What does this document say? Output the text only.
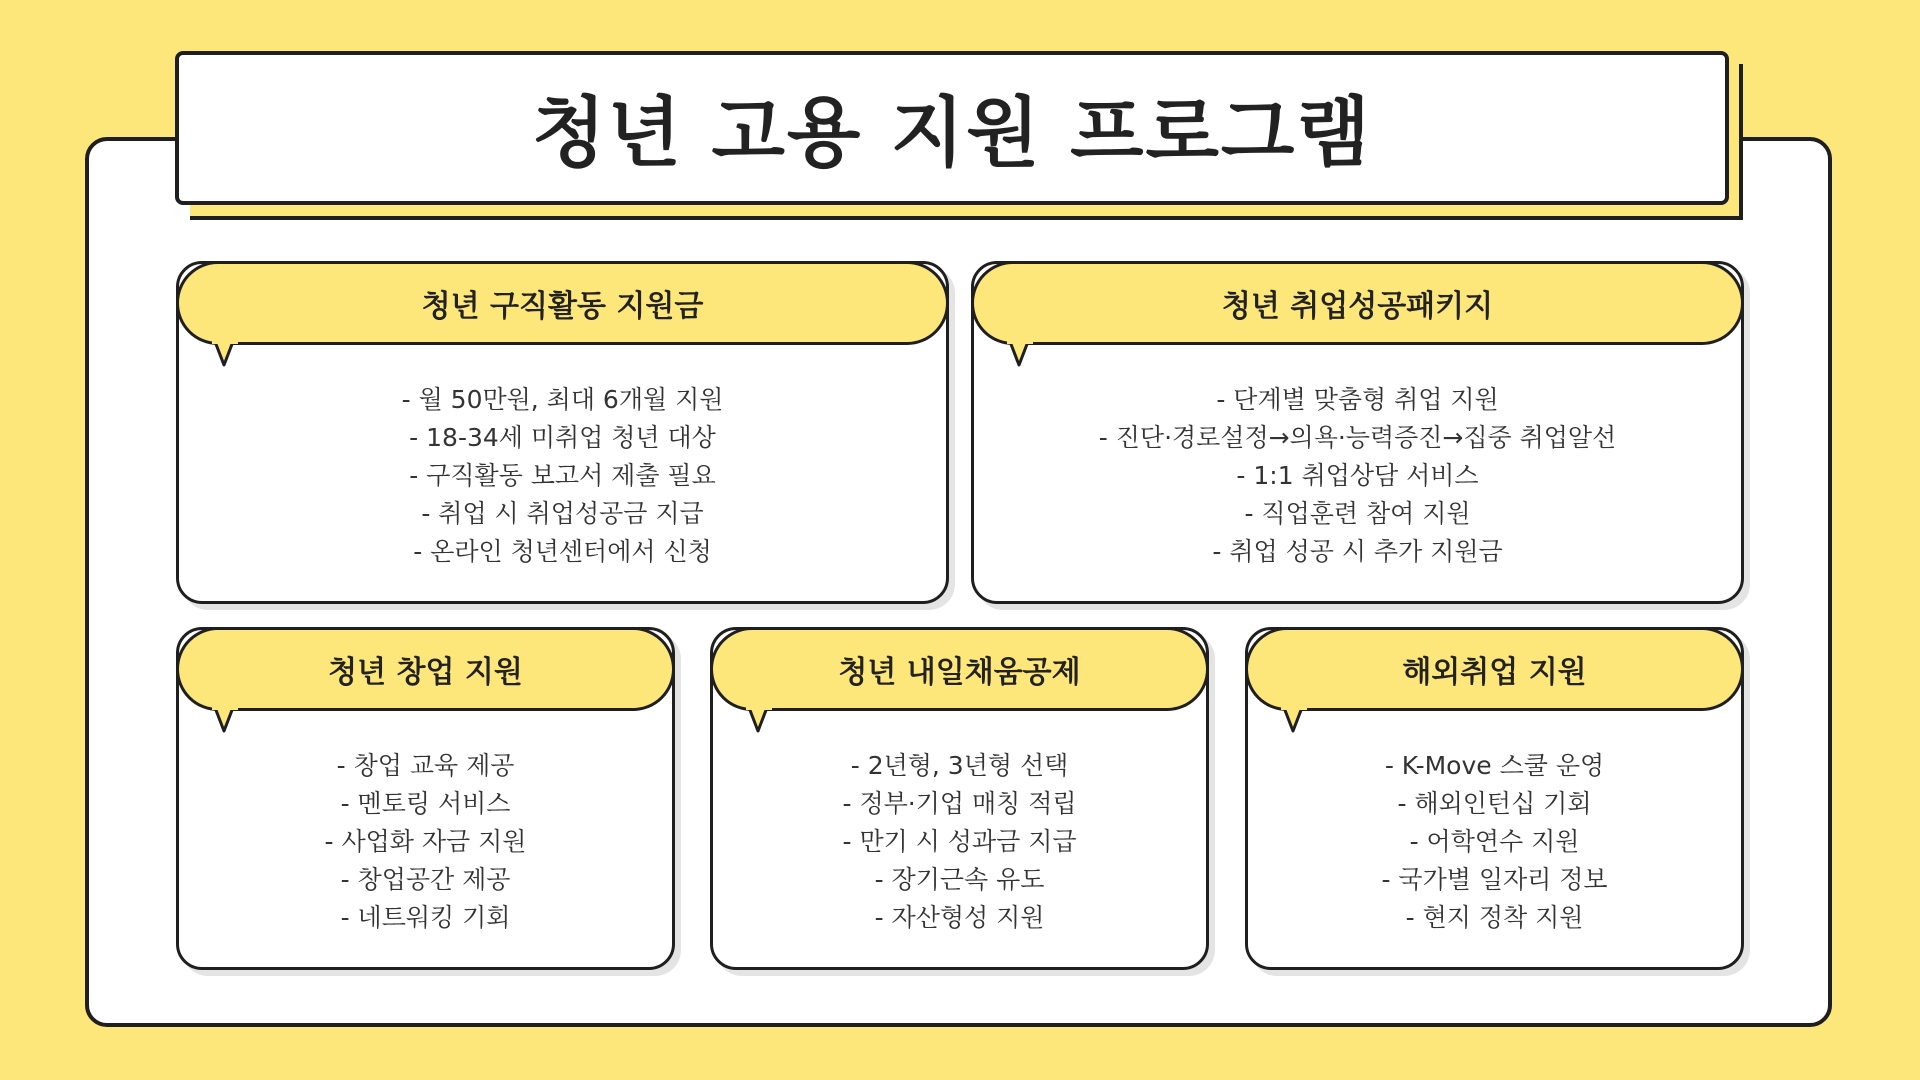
청년 고용 지원 프로그램
청년 구직활동 지원금
- 월 50만원, 최대 6개월 지원
- 18-34세 미취업 청년 대상
- 구직활동 보고서 제출 필요
- 취업 시 취업성공금 지급
- 온라인 청년센터에서 신청
청년 취업성공패키지
- 단계별 맞춤형 취업 지원
- 진단·경로설정→의욕·능력증진→집중 취업알선
- 1:1 취업상담 서비스
- 직업훈련 참여 지원
- 취업 성공 시 추가 지원금
청년 창업 지원
- 창업 교육 제공
- 멘토링 서비스
- 사업화 자금 지원
- 창업공간 제공
- 네트워킹 기회
청년 내일채움공제
- 2년형, 3년형 선택
- 정부·기업 매칭 적립
- 만기 시 성과금 지급
- 장기근속 유도
- 자산형성 지원
해외취업 지원
- K-Move 스쿨 운영
- 해외인턴십 기회
- 어학연수 지원
- 국가별 일자리 정보
- 현지 정착 지원
